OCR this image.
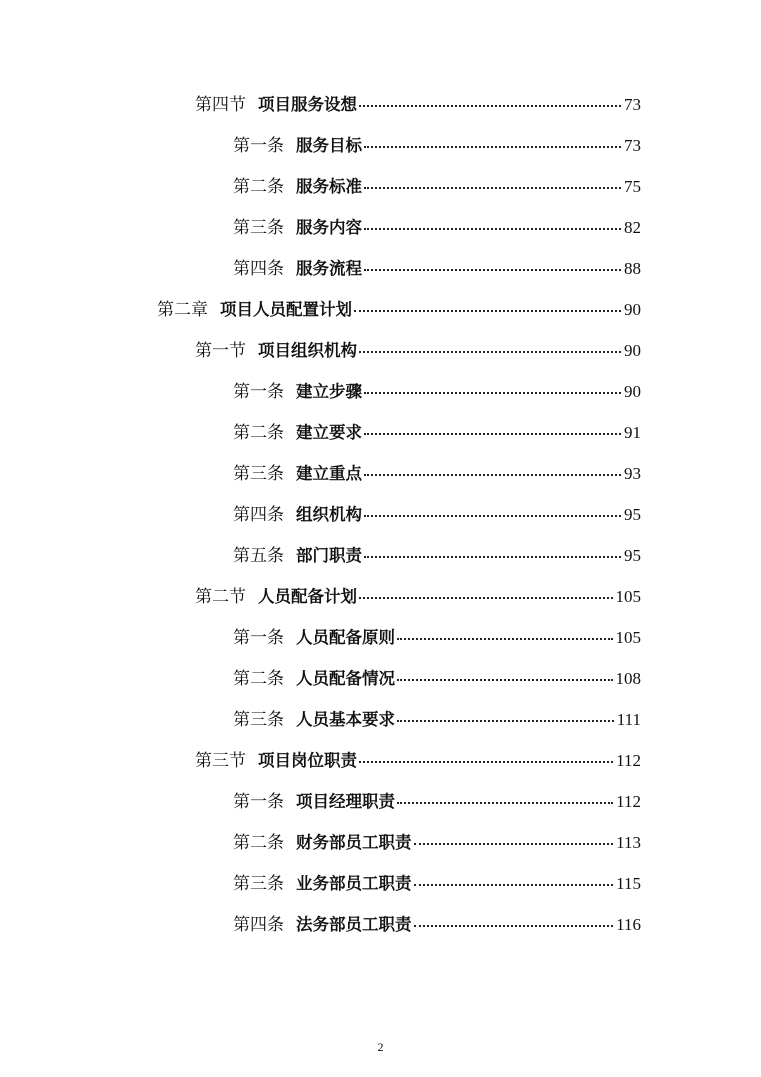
第四节 项目服务设想	73
第一条 服务目标	73
第二条 服务标准	75
第三条 服务内容	82
第四条 服务流程	88
第二章 项目人员配置计划	90
第一节 项目组织机构	90
第一条 建立步骤	90
第二条 建立要求	91
第三条 建立重点	93
第四条 组织机构	95
第五条 部门职责	95
第二节 人员配备计划	105
第一条 人员配备原则	105
第二条 人员配备情况	108
第三条 人员基本要求	111
第三节 项目岗位职责	112
第一条 项目经理职责	112
第二条 财务部员工职责	113
第三条 业务部员工职责	115
第四条 法务部员工职责	116
2
